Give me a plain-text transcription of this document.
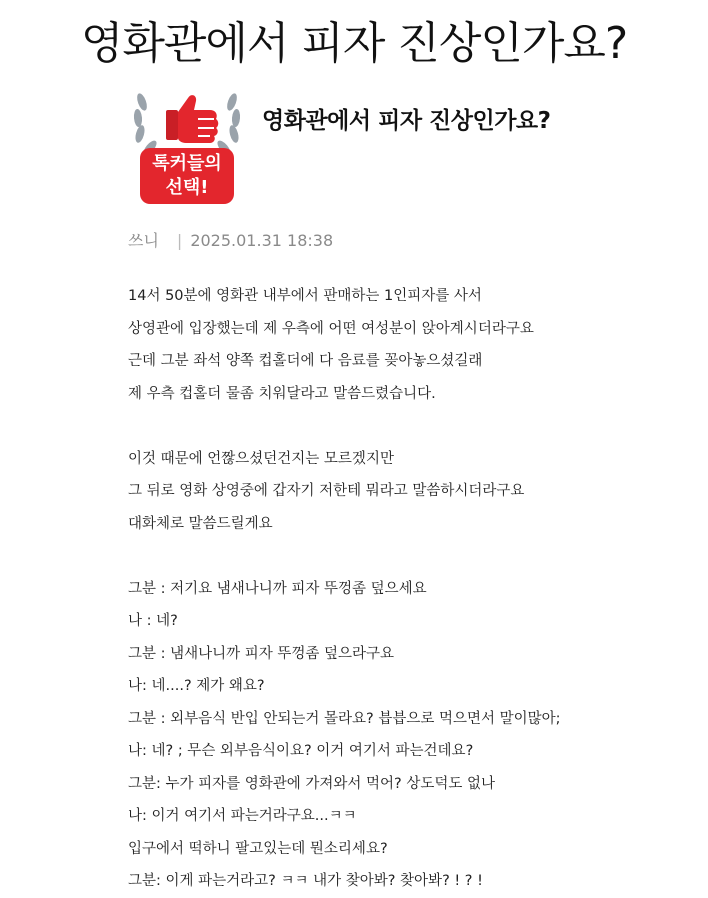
영화관에서 피자 진상인가요?
톡커들의
선택!
영화관에서 피자 진상인가요?
쓰니 | 2025.01.31 18:38
14서 50분에 영화관 내부에서 판매하는 1인피자를 사서
상영관에 입장했는데 제 우측에 어떤 여성분이 앉아계시더라구요
근데 그분 좌석 양쪽 컵홀더에 다 음료를 꽂아놓으셨길래
제 우측 컵홀더 물좀 치워달라고 말씀드렸습니다.
이것 때문에 언짢으셨던건지는 모르겠지만
그 뒤로 영화 상영중에 갑자기 저한테 뭐라고 말씀하시더라구요
대화체로 말씀드릴게요
그분 : 저기요 냄새나니까 피자 뚜껑좀 덮으세요
나 : 네?
그분 : 냄새나니까 피자 뚜껑좀 덮으라구요
나: 네....? 제가 왜요?
그분 : 외부음식 반입 안되는거 몰라요? 븝븝으로 먹으면서 말이많아;
나: 네? ; 무슨 외부음식이요? 이거 여기서 파는건데요?
그분: 누가 피자를 영화관에 가져와서 먹어? 상도덕도 없나
나: 이거 여기서 파는거라구요...ㅋㅋ
입구에서 떡하니 팔고있는데 뭔소리세요?
그분: 이게 파는거라고? ㅋㅋ 내가 찾아봐? 찾아봐? ! ? !
